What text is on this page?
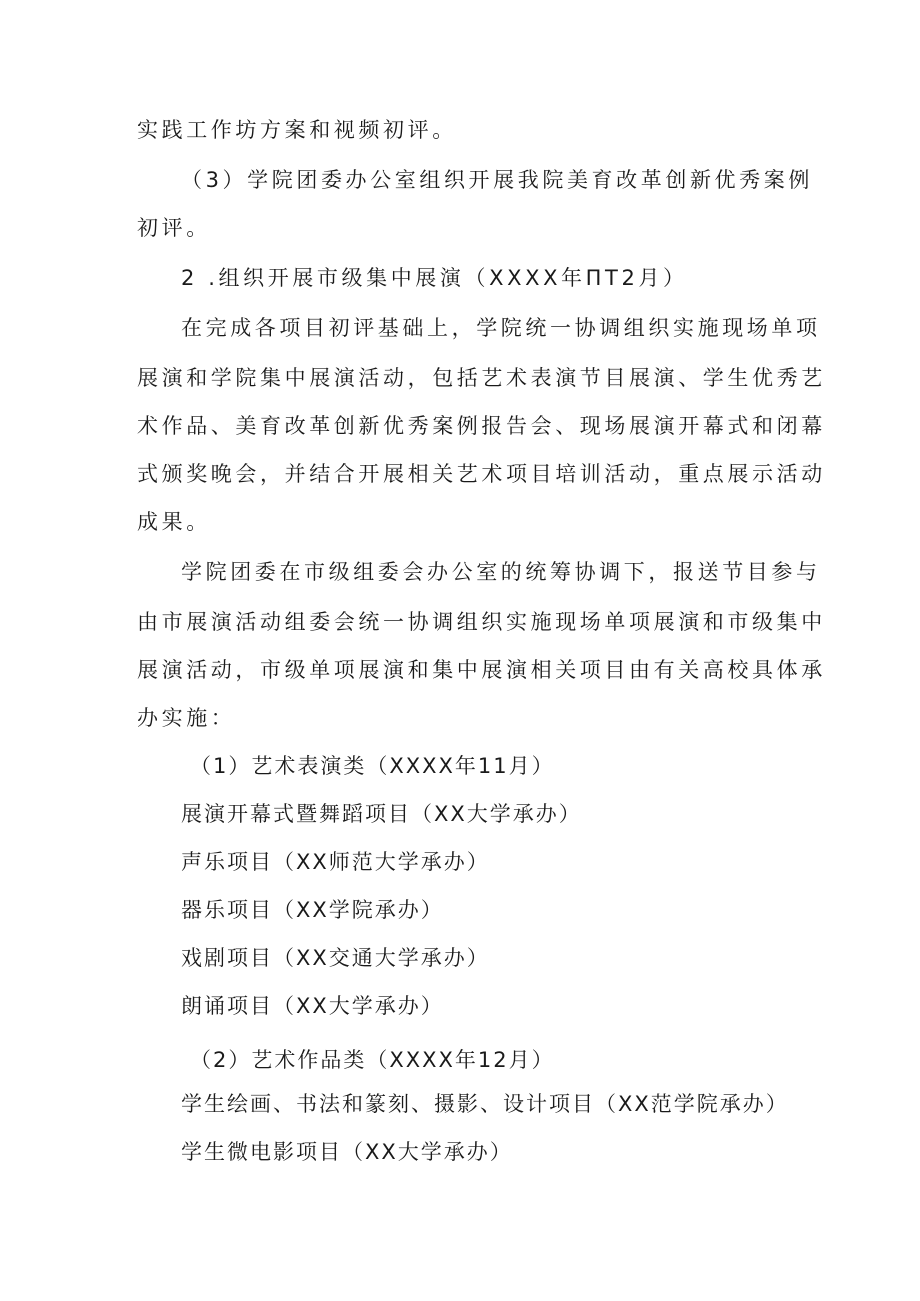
实践工作坊方案和视频初评。

（3）学院团委办公室组织开展我院美育改革创新优秀案例

初评。

2 .组织开展市级集中展演（XXXX年ΠT2月）

在完成各项目初评基础上，学院统一协调组织实施现场单项

展演和学院集中展演活动，包括艺术表演节目展演、学生优秀艺

术作品、美育改革创新优秀案例报告会、现场展演开幕式和闭幕

式颁奖晚会，并结合开展相关艺术项目培训活动，重点展示活动

成果。

学院团委在市级组委会办公室的统筹协调下，报送节目参与

由市展演活动组委会统一协调组织实施现场单项展演和市级集中

展演活动，市级单项展演和集中展演相关项目由有关高校具体承

办实施：

（1）艺术表演类（XXXX年11月）

展演开幕式暨舞蹈项目（XX大学承办）

声乐项目（XX师范大学承办）

器乐项目（XX学院承办）

戏剧项目（XX交通大学承办）

朗诵项目（XX大学承办）

（2）艺术作品类（XXXX年12月）

学生绘画、书法和篆刻、摄影、设计项目（XX范学院承办）

学生微电影项目（XX大学承办）
